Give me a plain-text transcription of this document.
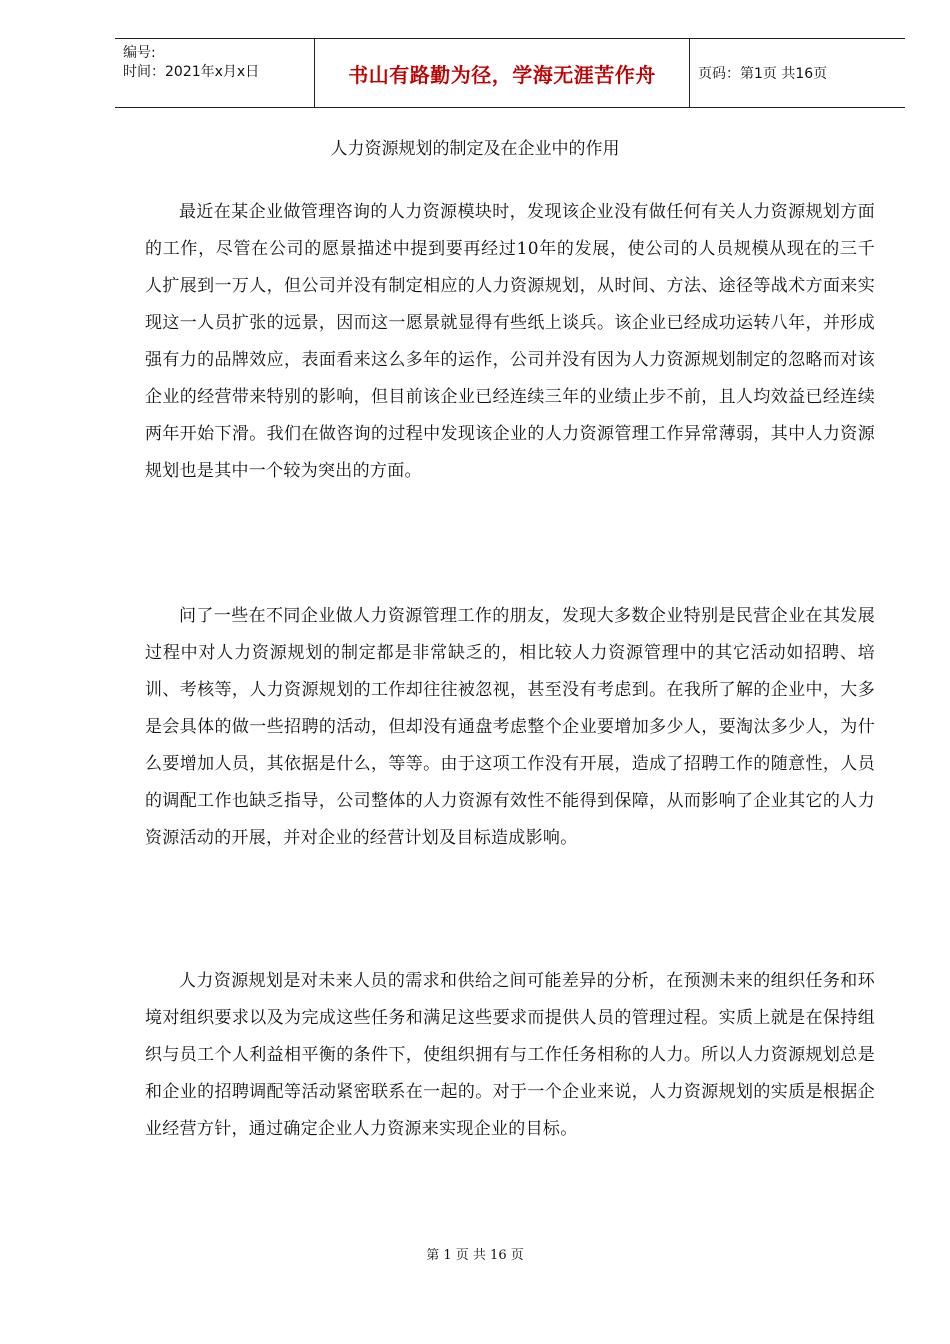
编号:
时间：2021年x月x日	书山有路勤为径，学海无涯苦作舟	页码：第1页 共16页
人力资源规划的制定及在企业中的作用

最近在某企业做管理咨询的人力资源模块时，发现该企业没有做任何有关人力资源规划方面的工作，尽管在公司的愿景描述中提到要再经过10年的发展，使公司的人员规模从现在的三千人扩展到一万人，但公司并没有制定相应的人力资源规划，从时间、方法、途径等战术方面来实现这一人员扩张的远景，因而这一愿景就显得有些纸上谈兵。该企业已经成功运转八年，并形成强有力的品牌效应，表面看来这么多年的运作，公司并没有因为人力资源规划制定的忽略而对该企业的经营带来特别的影响，但目前该企业已经连续三年的业绩止步不前，且人均效益已经连续两年开始下滑。我们在做咨询的过程中发现该企业的人力资源管理工作异常薄弱，其中人力资源规划也是其中一个较为突出的方面。

问了一些在不同企业做人力资源管理工作的朋友，发现大多数企业特别是民营企业在其发展过程中对人力资源规划的制定都是非常缺乏的，相比较人力资源管理中的其它活动如招聘、培训、考核等，人力资源规划的工作却往往被忽视，甚至没有考虑到。在我所了解的企业中，大多是会具体的做一些招聘的活动，但却没有通盘考虑整个企业要增加多少人，要淘汰多少人，为什么要增加人员，其依据是什么，等等。由于这项工作没有开展，造成了招聘工作的随意性，人员的调配工作也缺乏指导，公司整体的人力资源有效性不能得到保障，从而影响了企业其它的人力资源活动的开展，并对企业的经营计划及目标造成影响。

人力资源规划是对未来人员的需求和供给之间可能差异的分析，在预测未来的组织任务和环境对组织要求以及为完成这些任务和满足这些要求而提供人员的管理过程。实质上就是在保持组织与员工个人利益相平衡的条件下，使组织拥有与工作任务相称的人力。所以人力资源规划总是和企业的招聘调配等活动紧密联系在一起的。对于一个企业来说，人力资源规划的实质是根据企业经营方针，通过确定企业人力资源来实现企业的目标。

第 1 页 共 16 页
